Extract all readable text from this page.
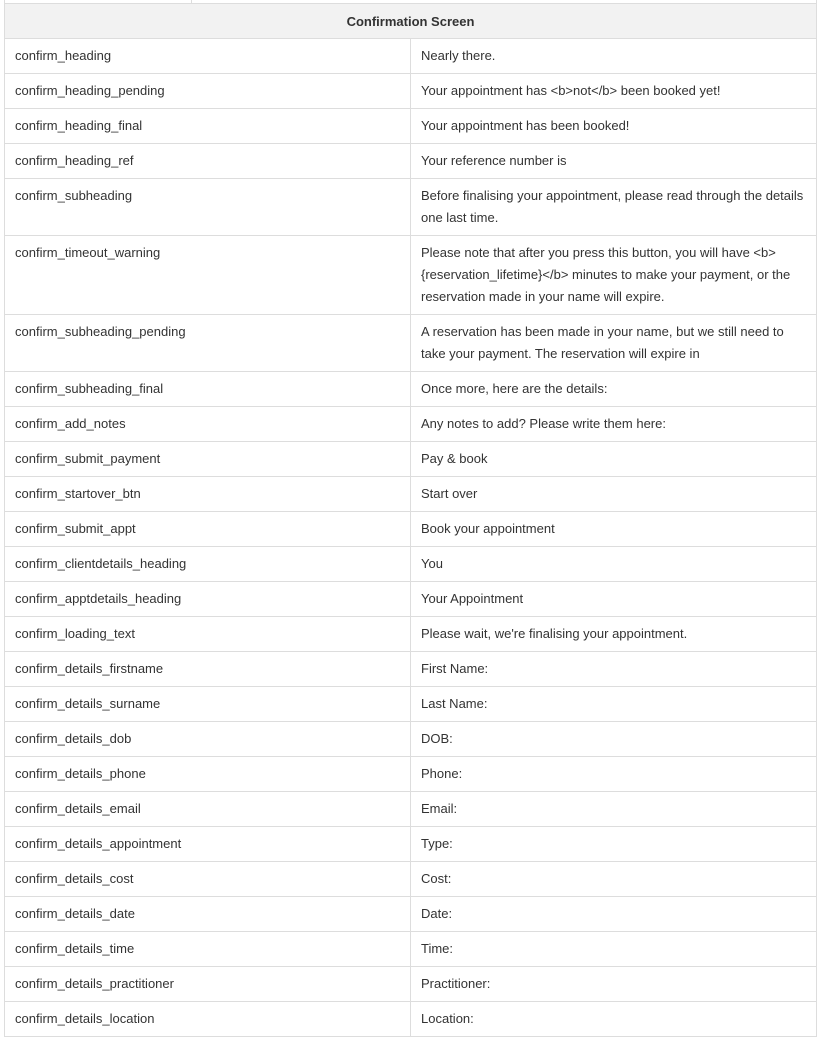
Confirmation Screen	
confirm_heading	Nearly there.
confirm_heading_pending	Your appointment has <b>not</b> been booked yet!
confirm_heading_final	Your appointment has been booked!
confirm_heading_ref	Your reference number is
confirm_subheading	Before finalising your appointment, please read through the details one last time.
confirm_timeout_warning	Please note that after you press this button, you will have <b>{reservation_lifetime}</b> minutes to make your payment, or the reservation made in your name will expire.
confirm_subheading_pending	A reservation has been made in your name, but we still need to take your payment. The reservation will expire in
confirm_subheading_final	Once more, here are the details:
confirm_add_notes	Any notes to add? Please write them here:
confirm_submit_payment	Pay & book
confirm_startover_btn	Start over
confirm_submit_appt	Book your appointment
confirm_clientdetails_heading	You
confirm_apptdetails_heading	Your Appointment
confirm_loading_text	Please wait, we're finalising your appointment.
confirm_details_firstname	First Name:
confirm_details_surname	Last Name:
confirm_details_dob	DOB:
confirm_details_phone	Phone:
confirm_details_email	Email:
confirm_details_appointment	Type:
confirm_details_cost	Cost:
confirm_details_date	Date:
confirm_details_time	Time:
confirm_details_practitioner	Practitioner:
confirm_details_location	Location:
